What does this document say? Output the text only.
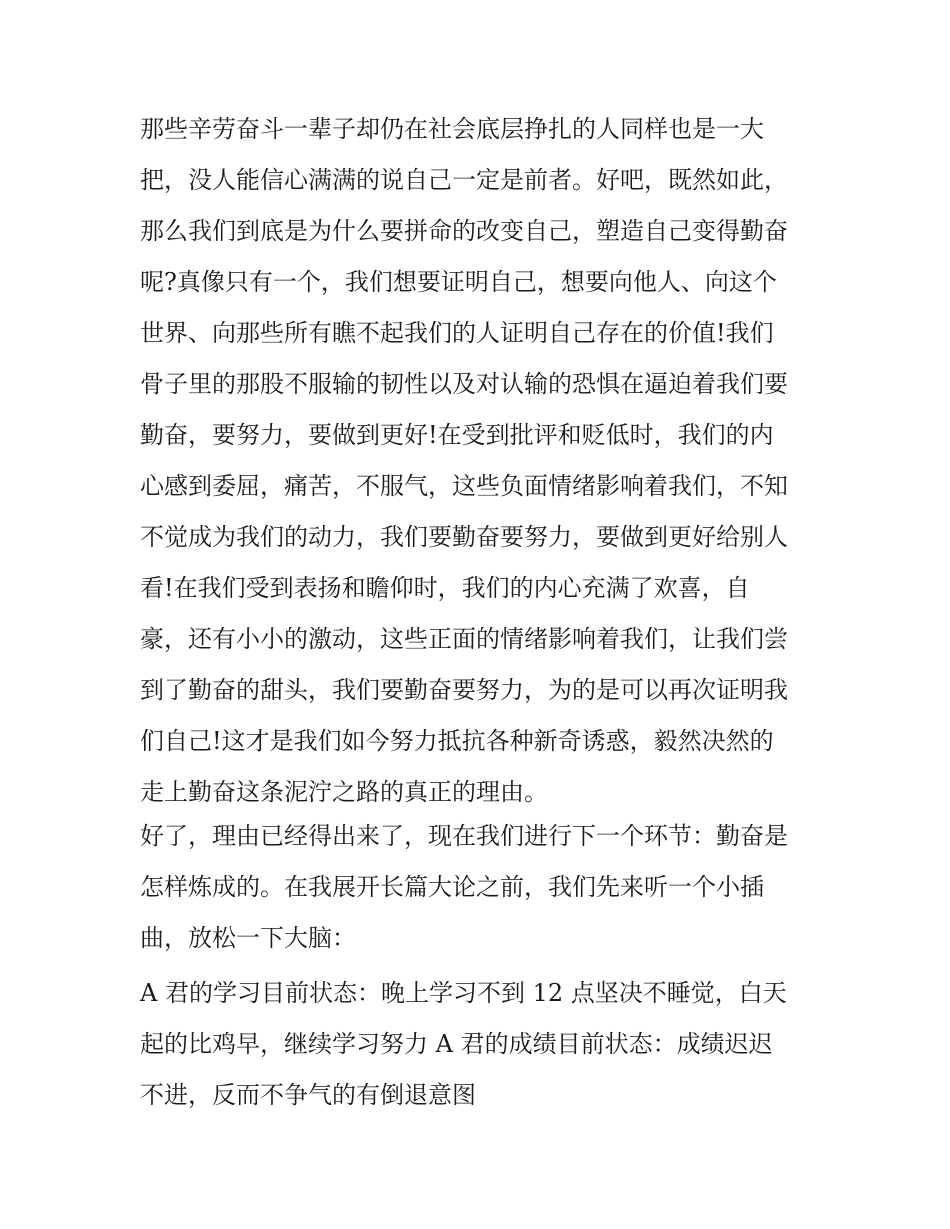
那些辛劳奋斗一辈子却仍在社会底层挣扎的人同样也是一大
把，没人能信心满满的说自己一定是前者。好吧，既然如此，
那么我们到底是为什么要拼命的改变自己，塑造自己变得勤奋
呢?真像只有一个，我们想要证明自己，想要向他人、向这个
世界、向那些所有瞧不起我们的人证明自己存在的价值!我们
骨子里的那股不服输的韧性以及对认输的恐惧在逼迫着我们要
勤奋，要努力，要做到更好!在受到批评和贬低时，我们的内
心感到委屈，痛苦，不服气，这些负面情绪影响着我们，不知
不觉成为我们的动力，我们要勤奋要努力，要做到更好给别人
看!在我们受到表扬和瞻仰时，我们的内心充满了欢喜，自
豪，还有小小的激动，这些正面的情绪影响着我们，让我们尝
到了勤奋的甜头，我们要勤奋要努力，为的是可以再次证明我
们自己!这才是我们如今努力抵抗各种新奇诱惑，毅然决然的
走上勤奋这条泥泞之路的真正的理由。
好了，理由已经得出来了，现在我们进行下一个环节：勤奋是
怎样炼成的。在我展开长篇大论之前，我们先来听一个小插
曲，放松一下大脑：
A 君的学习目前状态：晚上学习不到 12 点坚决不睡觉，白天
起的比鸡早，继续学习努力 A 君的成绩目前状态：成绩迟迟
不进，反而不争气的有倒退意图
